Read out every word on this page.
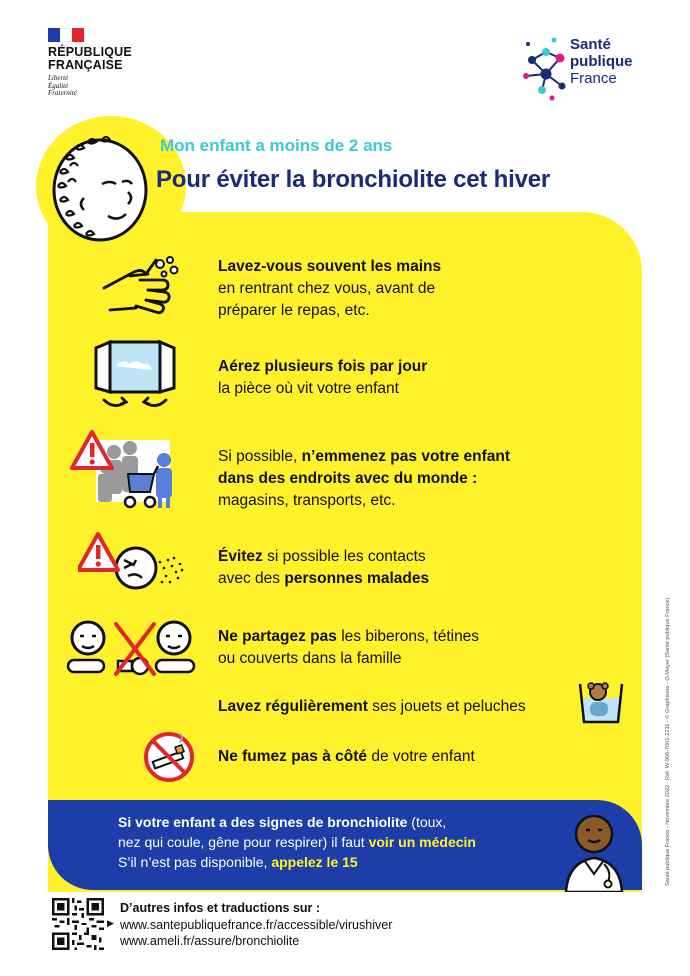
RÉPUBLIQUE
FRANÇAISE
Liberté
Égalité
Fraternité
Santé
publique
France
Mon enfant a moins de 2 ans
Pour éviter la bronchiolite cet hiver
Lavez-vous souvent les mains
en rentrant chez vous, avant de
préparer le repas, etc.
Aérez plusieurs fois par jour
la pièce où vit votre enfant
Si possible, n’emmenez pas votre enfant
dans des endroits avec du monde :
magasins, transports, etc.
Évitez si possible les contacts
avec des personnes malades
Ne partagez pas les biberons, tétines
ou couverts dans la famille
Lavez régulièrement ses jouets et peluches
Ne fumez pas à côté de votre enfant
Si votre enfant a des signes de bronchiolite (toux,
nez qui coule, gêne pour respirer) il faut voir un médecin
S’il n’est pas disponible, appelez le 15
▶
D’autres infos et traductions sur :
www.santepubliquefrance.fr/accessible/virushiver
www.ameli.fr/assure/bronchiolite
Santé publique France - Novembre 2022 - Réf. W-906-7001-2211 - © Graphisme - O.Mayer (Santé publique France)
